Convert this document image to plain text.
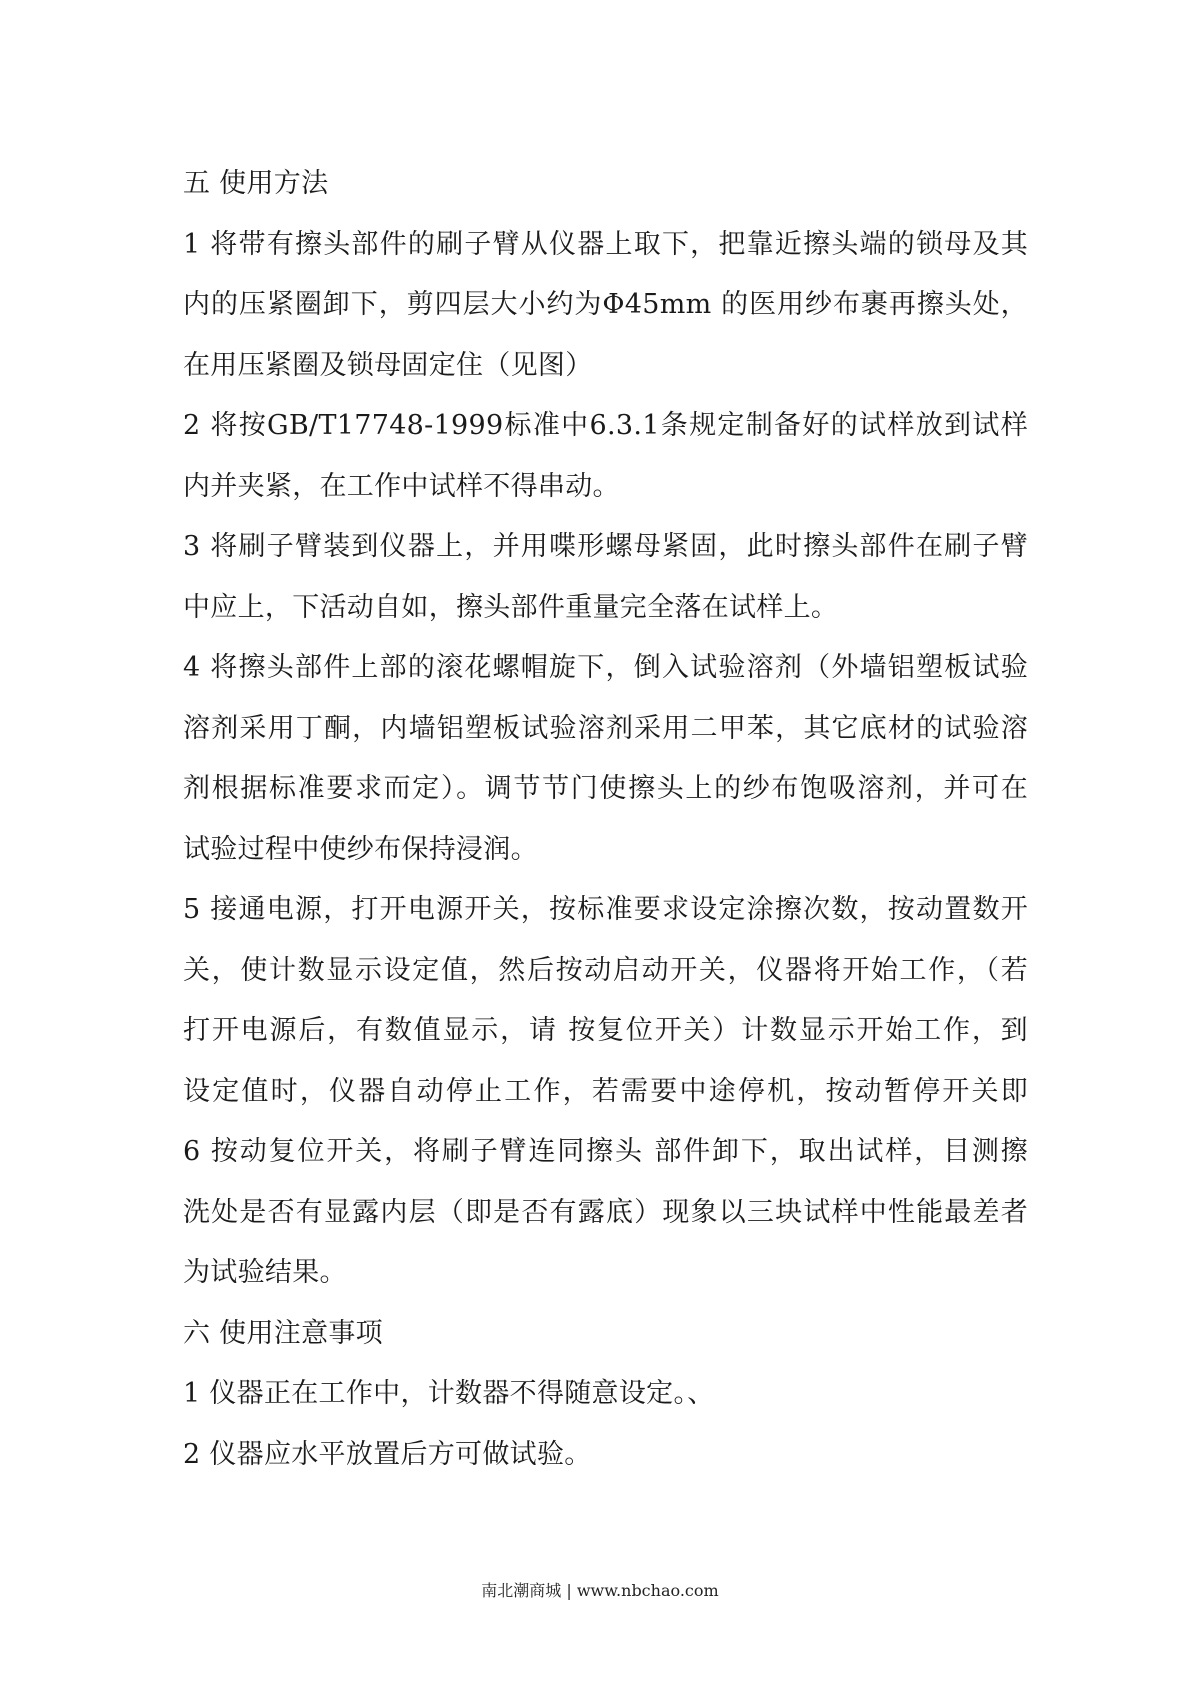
五 使用方法
1 将带有擦头部件的刷子臂从仪器上取下，把靠近擦头端的锁母及其
内的压紧圈卸下，剪四层大小约为Φ45mm 的医用纱布裹再擦头处，
在用压紧圈及锁母固定住（见图）
2 将按GB/T17748-1999标准中6.3.1条规定制备好的试样放到试样
内并夹紧，在工作中试样不得串动。
3 将刷子臂装到仪器上，并用喋形螺母紧固，此时擦头部件在刷子臂
中应上，下活动自如，擦头部件重量完全落在试样上。
4 将擦头部件上部的滚花螺帽旋下，倒入试验溶剂（外墙铝塑板试验
溶剂采用丁酮，内墙铝塑板试验溶剂采用二甲苯，其它底材的试验溶
剂根据标准要求而定）。调节节门使擦头上的纱布饱吸溶剂，并可在
试验过程中使纱布保持浸润。
5 接通电源，打开电源开关，按标准要求设定涂擦次数，按动置数开
关，使计数显示设定值，然后按动启动开关，仪器将开始工作，（若
打开电源后，有数值显示，请 按复位开关）计数显示开始工作，到
设定值时，仪器自动停止工作，若需要中途停机，按动暂停开关即
6 按动复位开关，将刷子臂连同擦头 部件卸下，取出试样，目测擦
洗处是否有显露内层（即是否有露底）现象以三块试样中性能最差者
为试验结果。
六 使用注意事项
1 仪器正在工作中，计数器不得随意设定。、
2 仪器应水平放置后方可做试验。
南北潮商城 | www.nbchao.com
